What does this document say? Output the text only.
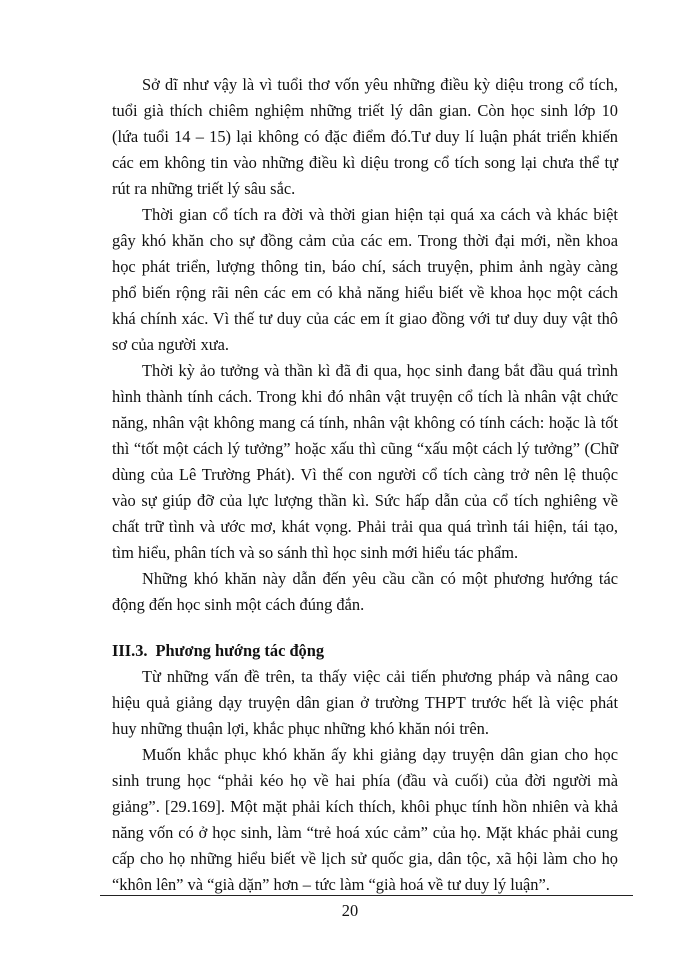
Sở dĩ như vậy là vì tuổi thơ vốn yêu những điều kỳ diệu trong cổ tích, tuổi già thích chiêm nghiệm những triết lý dân gian. Còn học sinh lớp 10 (lứa tuổi 14 – 15) lại không có đặc điểm đó.Tư duy lí luận phát triển khiến các em không tin vào những điều kì diệu trong cổ tích song lại chưa thể tự rút ra những triết lý sâu sắc.

Thời gian cổ tích ra đời và thời gian hiện tại quá xa cách và khác biệt gây khó khăn cho sự đồng cảm của các em. Trong thời đại mới, nền khoa học phát triển, lượng thông tin, báo chí, sách truyện, phim ảnh ngày càng phổ biến rộng rãi nên các em có khả năng hiểu biết về khoa học một cách khá chính xác. Vì thế tư duy của các em ít giao đồng với tư duy duy vật thô sơ của người xưa.

Thời kỳ ảo tưởng và thần kì đã đi qua, học sinh đang bắt đầu quá trình hình thành tính cách. Trong khi đó nhân vật truyện cổ tích là nhân vật chức năng, nhân vật không mang cá tính, nhân vật không có tính cách: hoặc là tốt thì “tốt một cách lý tưởng” hoặc xấu thì cũng “xấu một cách lý tưởng” (Chữ dùng của Lê Trường Phát). Vì thế con người cổ tích càng trở nên lệ thuộc vào sự giúp đỡ của lực lượng thần kì. Sức hấp dẫn của cổ tích nghiêng về chất trữ tình và ước mơ, khát vọng. Phải trải qua quá trình tái hiện, tái tạo, tìm hiểu, phân tích và so sánh thì học sinh mới hiểu tác phẩm.

Những khó khăn này dẫn đến yêu cầu cần có một phương hướng tác động đến học sinh một cách đúng đắn.

III.3. Phương hướng tác động

Từ những vấn đề trên, ta thấy việc cải tiến phương pháp và nâng cao hiệu quả giảng dạy truyện dân gian ở trường THPT trước hết là việc phát huy những thuận lợi, khắc phục những khó khăn nói trên.

Muốn khắc phục khó khăn ấy khi giảng dạy truyện dân gian cho học sinh trung học “phải kéo họ về hai phía (đầu và cuối) của đời người mà giảng”. [29.169]. Một mặt phải kích thích, khôi phục tính hồn nhiên và khả năng vốn có ở học sinh, làm “trẻ hoá xúc cảm” của họ. Mặt khác phải cung cấp cho họ những hiểu biết về lịch sử quốc gia, dân tộc, xã hội làm cho họ “khôn lên” và “già dặn” hơn – tức làm “già hoá về tư duy lý luận”.

20
